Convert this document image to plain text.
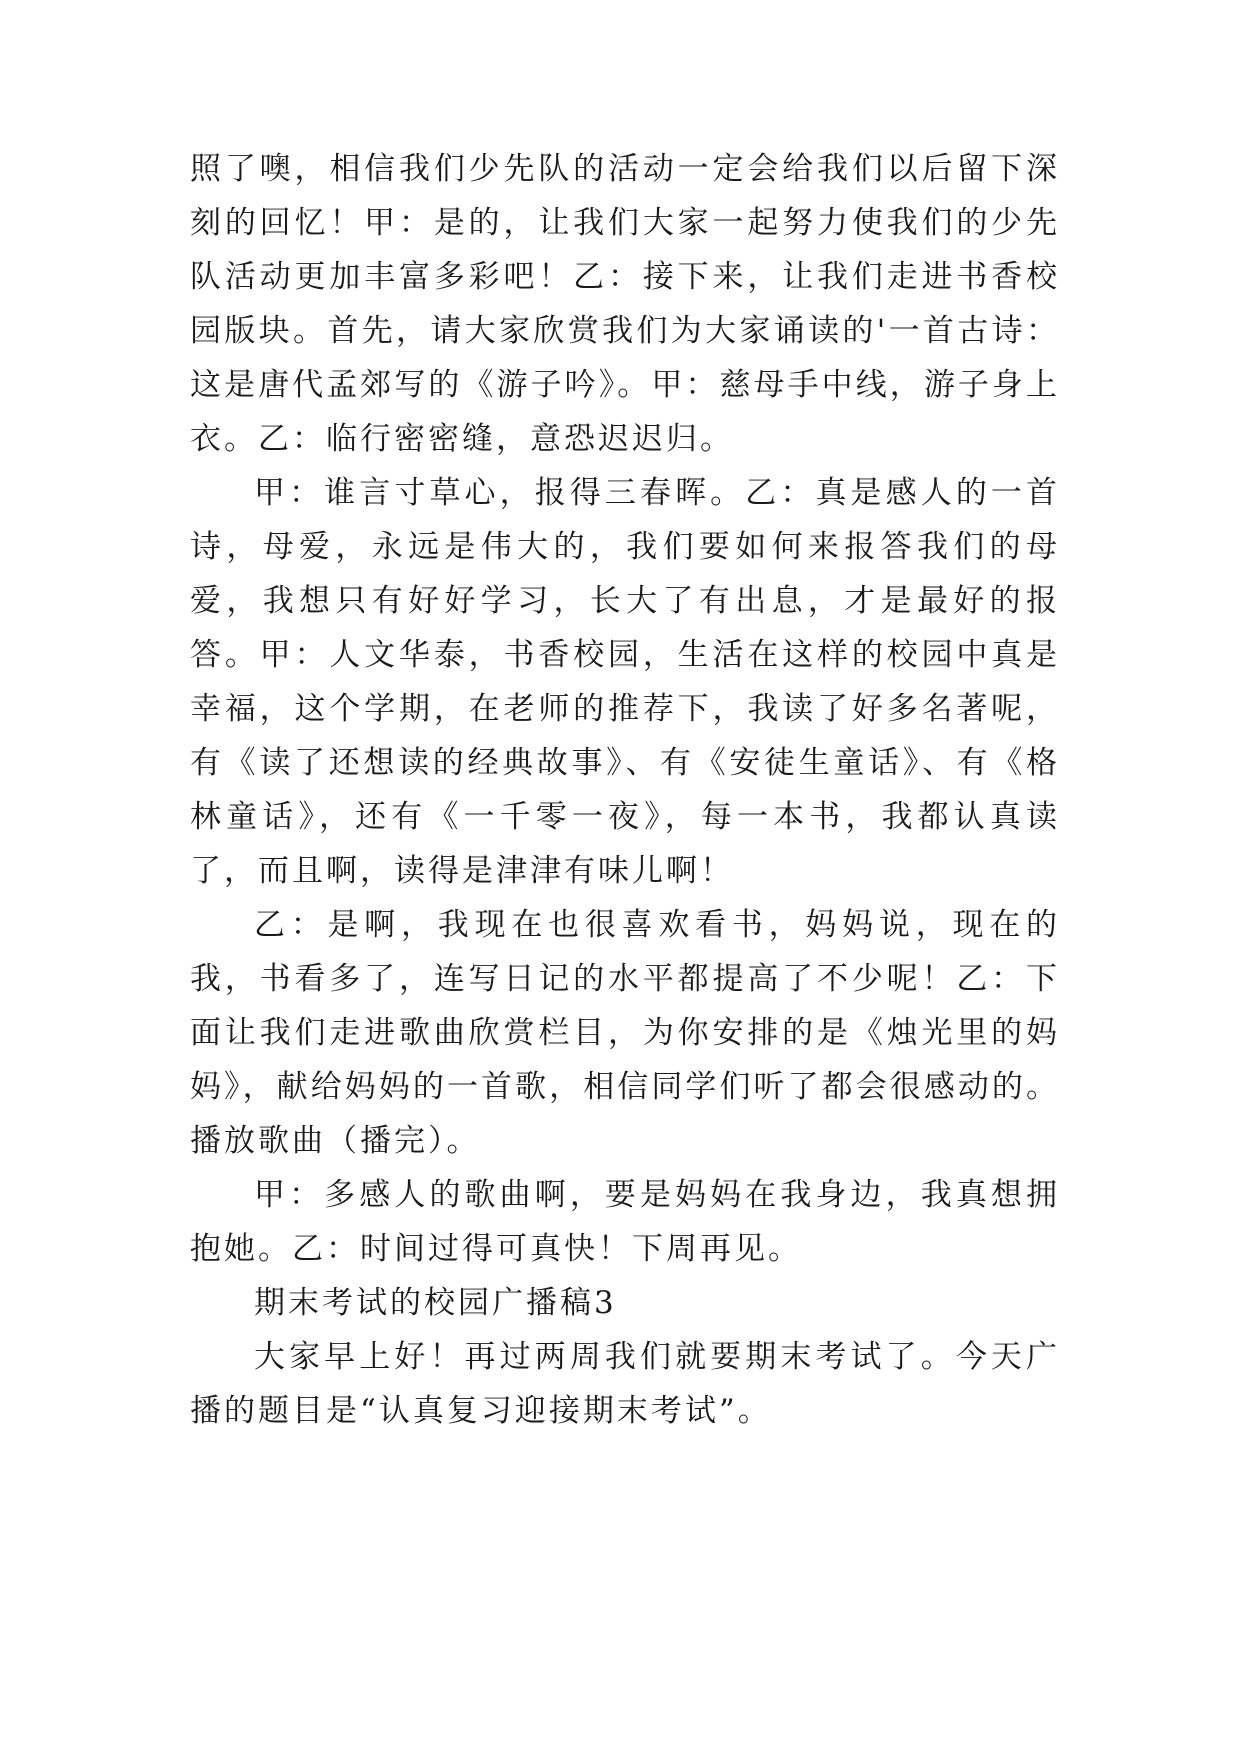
照了噢，相信我们少先队的活动一定会给我们以后留下深刻的回忆！甲：是的，让我们大家一起努力使我们的少先队活动更加丰富多彩吧！乙：接下来，让我们走进书香校园版块。首先，请大家欣赏我们为大家诵读的'一首古诗：这是唐代孟郊写的《游子吟》。甲：慈母手中线，游子身上衣。乙：临行密密缝，意恐迟迟归。

甲：谁言寸草心，报得三春晖。乙：真是感人的一首诗，母爱，永远是伟大的，我们要如何来报答我们的母爱，我想只有好好学习，长大了有出息，才是最好的报答。甲：人文华泰，书香校园，生活在这样的校园中真是幸福，这个学期，在老师的推荐下，我读了好多名著呢，有《读了还想读的经典故事》、有《安徒生童话》、有《格林童话》，还有《一千零一夜》，每一本书，我都认真读了，而且啊，读得是津津有味儿啊！

乙：是啊，我现在也很喜欢看书，妈妈说，现在的我，书看多了，连写日记的水平都提高了不少呢！乙：下面让我们走进歌曲欣赏栏目，为你安排的是《烛光里的妈妈》，献给妈妈的一首歌，相信同学们听了都会很感动的。播放歌曲（播完）。

甲：多感人的歌曲啊，要是妈妈在我身边，我真想拥抱她。乙：时间过得可真快！下周再见。

期末考试的校园广播稿3

大家早上好！再过两周我们就要期末考试了。今天广播的题目是“认真复习迎接期末考试”。
